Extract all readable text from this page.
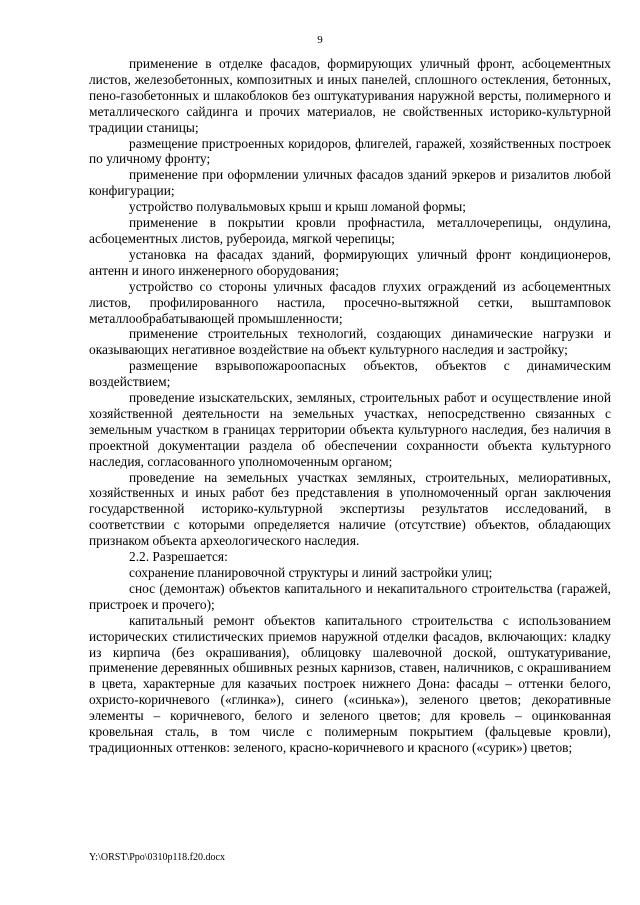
9

применение в отделке фасадов, формирующих уличный фронт, асбоцементных листов, железобетонных, композитных и иных панелей, сплошного остекления, бетонных, пено-газобетонных и шлакоблоков без оштукатуривания наружной версты, полимерного и металлического сайдинга и прочих материалов, не свойственных историко-культурной традиции станицы;

размещение пристроенных коридоров, флигелей, гаражей, хозяйственных построек по уличному фронту;

применение при оформлении уличных фасадов зданий эркеров и ризалитов любой конфигурации;

устройство полувальмовых крыш и крыш ломаной формы;

применение в покрытии кровли профнастила, металлочерепицы, ондулина, асбоцементных листов, рубероида, мягкой черепицы;

установка на фасадах зданий, формирующих уличный фронт кондиционеров, антенн и иного инженерного оборудования;

устройство со стороны уличных фасадов глухих ограждений из асбоцементных листов, профилированного настила, просечно-вытяжной сетки, выштамповок металлообрабатывающей промышленности;

применение строительных технологий, создающих динамические нагрузки и оказывающих негативное воздействие на объект культурного наследия и застройку;

размещение взрывопожароопасных объектов, объектов с динамическим воздействием;

проведение изыскательских, земляных, строительных работ и осуществление иной хозяйственной деятельности на земельных участках, непосредственно связанных с земельным участком в границах территории объекта культурного наследия, без наличия в проектной документации раздела об обеспечении сохранности объекта культурного наследия, согласованного уполномоченным органом;

проведение на земельных участках земляных, строительных, мелиоративных, хозяйственных и иных работ без представления в уполномоченный орган заключения государственной историко-культурной экспертизы результатов исследований, в соответствии с которыми определяется наличие (отсутствие) объектов, обладающих признаком объекта археологического наследия.

2.2. Разрешается:

сохранение планировочной структуры и линий застройки улиц;

снос (демонтаж) объектов капитального и некапитального строительства (гаражей, пристроек и прочего);

капитальный ремонт объектов капитального строительства с использованием исторических стилистических приемов наружной отделки фасадов, включающих: кладку из кирпича (без окрашивания), облицовку шалевочной доской, оштукатуривание, применение деревянных обшивных резных карнизов, ставен, наличников, с окрашиванием в цвета, характерные для казачьих построек нижнего Дона: фасады – оттенки белого, охристо-коричневого («глинка»), синего («синька»), зеленого цветов; декоративные элементы – коричневого, белого и зеленого цветов; для кровель – оцинкованная кровельная сталь, в том числе с полимерным покрытием (фальцевые кровли), традиционных оттенков: зеленого, красно-коричневого и красного («сурик») цветов;

Y:\ORST\Ppo\0310p118.f20.docx
